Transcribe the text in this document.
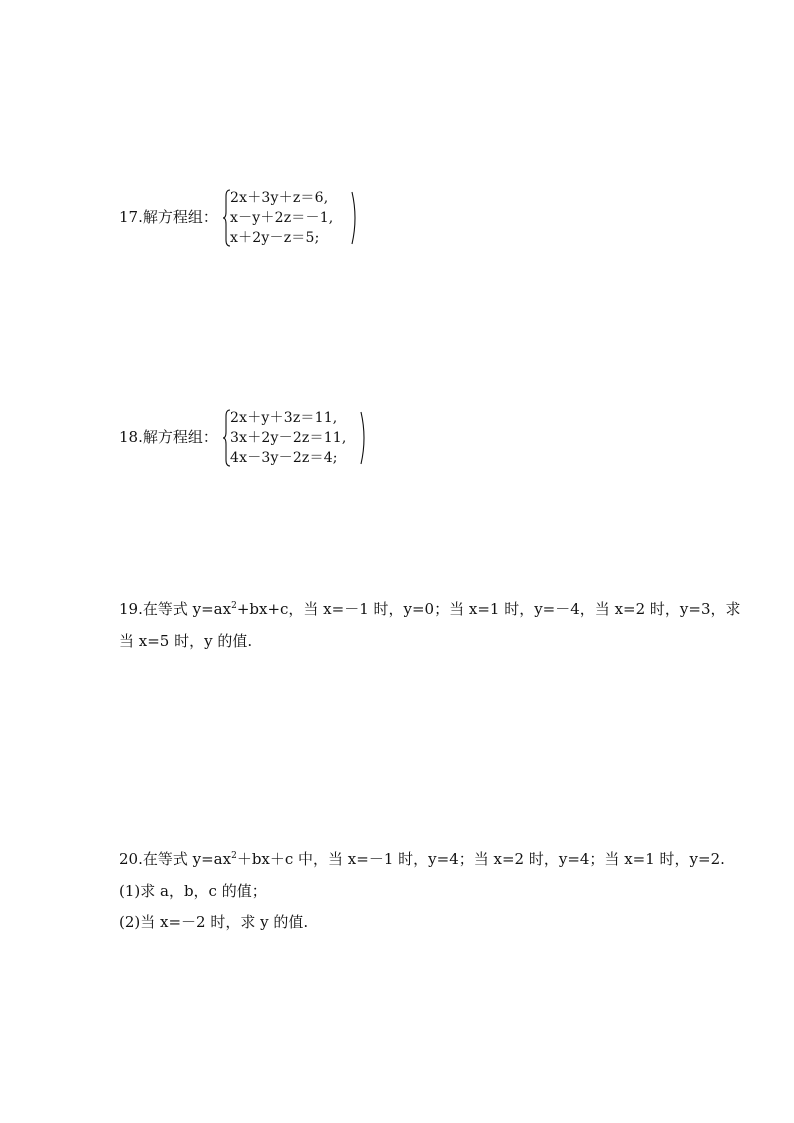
17.解方程组：
2x＋3y＋z＝6,
x－y＋2z＝－1,
x＋2y－z＝5;
18.解方程组：
2x＋y＋3z＝11,
3x＋2y－2z＝11,
4x－3y－2z＝4;
19.在等式 $y=ax^2+bx+c$，当 x=－1 时，y=0；当 x=1 时，y=－4，当 x=2 时，y=3，求
当 x=5 时，y 的值.
20.在等式 $y=ax^2+bx+c$ 中，当 x=－1 时，y=4；当 x=2 时，y=4；当 x=1 时，y=2.
(1)求 a，b，c 的值；
(2)当 x=－2 时，求 y 的值.
